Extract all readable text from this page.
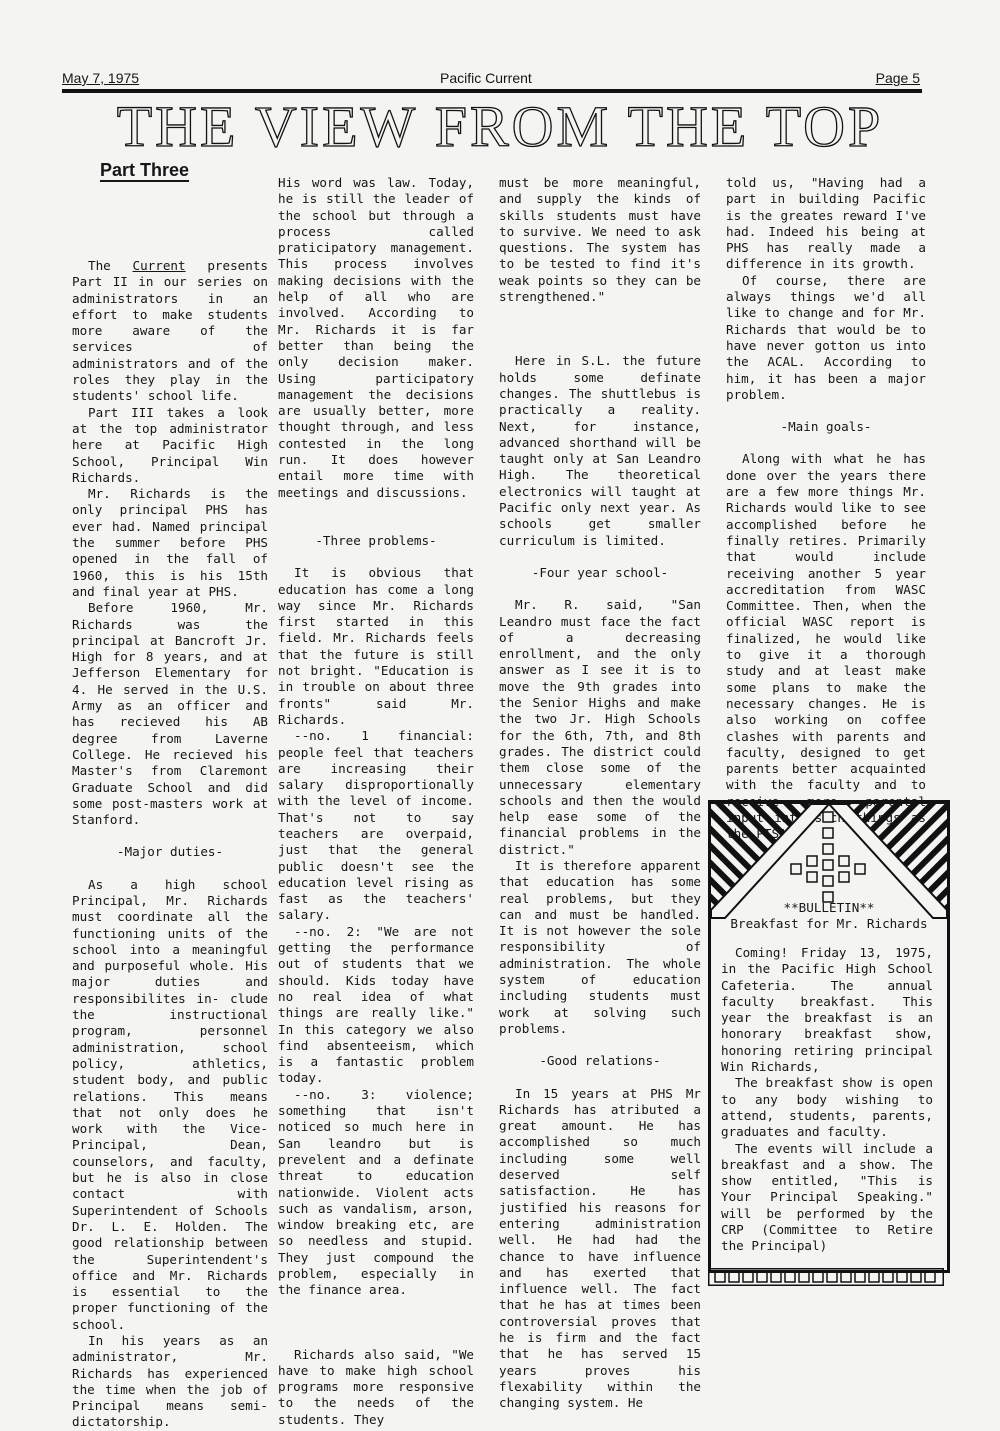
May 7, 1975	Pacific Current	Page 5
THE VIEW FROM THE TOP
Part Three

The Current presents Part II in our series on administrators in an effort to make students more aware of the services of administrators and of the roles they play in the students' school life.

Part III takes a look at the top administrator here at Pacific High School, Principal Win Richards.

Mr. Richards is the only principal PHS has ever had. Named principal the summer before PHS opened in the fall of 1960, this is his 15th and final year at PHS.

Before 1960, Mr. Richards was the principal at Bancroft Jr. High for 8 years, and at Jefferson Elementary for 4. He served in the U.S. Army as an officer and has recieved his AB degree from Laverne College. He recieved his Master's from Claremont Graduate School and did some post-masters work at Stanford.

-Major duties-

As a high school Principal, Mr. Richards must coordinate all the functioning units of the school into a meaningful and purposeful whole. His major duties and responsibilites in- clude the instructional program, personnel administration, school policy, athletics, student body, and public relations. This means that not only does he work with the Vice-Principal, Dean, counselors, and faculty, but he is also in close contact with Superintendent of Schools Dr. L. E. Holden. The good relationship between the Superintendent's office and Mr. Richards is essential to the proper functioning of the school.

In his years as an administrator, Mr. Richards has experienced the time when the job of Principal means semi-dictatorship.

His word was law. Today, he is still the leader of the school but through a process called praticipatory management. This process involves making decisions with the help of all who are involved. According to Mr. Richards it is far better than being the only decision maker. Using participatory management the decisions are usually better, more thought through, and less contested in the long run. It does however entail more time with meetings and discussions.

-Three problems-

It is obvious that education has come a long way since Mr. Richards first started in this field. Mr. Richards feels that the future is still not bright. "Education is in trouble on about three fronts" said Mr. Richards.

--no. 1 financial: people feel that teachers are increasing their salary disproportionally with the level of income. That's not to say teachers are overpaid, just that the general public doesn't see the education level rising as fast as the teachers' salary.

--no. 2: "We are not getting the performance out of students that we should. Kids today have no real idea of what things are really like." In this category we also find absenteeism, which is a fantastic problem today.

--no. 3: violence; something that isn't noticed so much here in San leandro but is prevelent and a definate threat to education nationwide. Violent acts such as vandalism, arson, window breaking etc, are so needless and stupid. They just compound the problem, especially in the finance area.

Richards also said, "We have to make high school programs more responsive to the needs of the students. They

must be more meaningful, and supply the kinds of skills students must have to survive. We need to ask questions. The system has to be tested to find it's weak points so they can be strengthened."

Here in S.L. the future holds some definate changes. The shuttlebus is practically a reality. Next, for instance, advanced shorthand will be taught only at San Leandro High. The theoretical electronics will taught at Pacific only next year. As schools get smaller curriculum is limited.

-Four year school-

Mr. R. said, "San Leandro must face the fact of a decreasing enrollment, and the only answer as I see it is to move the 9th grades into the Senior Highs and make the two Jr. High Schools for the 6th, 7th, and 8th grades. The district could them close some of the unnecessary elementary schools and then the would help ease some of the financial problems in the district."

It is therefore apparent that education has some real problems, but they can and must be handled. It is not however the sole responsibility of administration. The whole system of education including students must work at solving such problems.

-Good relations-

In 15 years at PHS Mr Richards has atributed a great amount. He has accomplished so much including some well deserved self satisfaction. He has justified his reasons for entering administration well. He had had the chance to have influence and has exerted that influence well. The fact that he has at times been controversial proves that he is firm and the fact that he has served 15 years proves his flexability within the changing system. He

told us, "Having had a part in building Pacific is the greates reward I've had. Indeed his being at PHS has really made a difference in its growth.

Of course, there are always things we'd all like to change and for Mr. Richards that would be to have never gotton us into the ACAL. According to him, it has been a major problem.

-Main goals-

Along with what he has done over the years there are a few more things Mr. Richards would like to see accomplished before he finally retires. Primarily that would include receiving another 5 year accreditation from WASC Committee. Then, when the official WASC report is finalized, he would like to give it a thorough study and at least make some plans to make the necessary changes. He is also working on coffee clashes with parents and faculty, designed to get parents better acquainted with the faculty and to

**BULLETIN**
Breakfast for Mr. Richards

Coming! Friday 13, 1975, in the Pacific High School Cafeteria. The annual faculty breakfast. This year the breakfast is an honorary breakfast show, honoring retiring principal Win Richards,

The breakfast show is open to any body wishing to attend, students, parents, graduates and faculty.

The events will include a breakfast and a show. The show entitled, "This is Your Principal Speaking." will be performed by the CRP (Committee to Retire the Principal)
